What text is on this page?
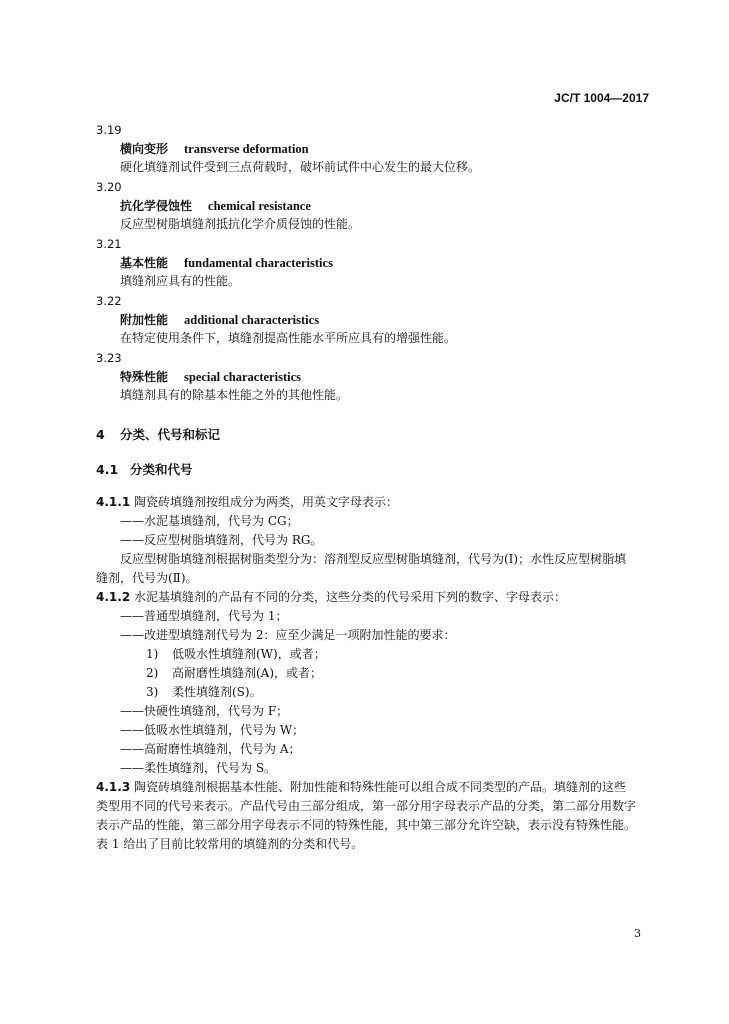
JC/T 1004—2017
3.19
横向变形 transverse deformation
硬化填缝剂试件受到三点荷载时，破坏前试件中心发生的最大位移。
3.20
抗化学侵蚀性 chemical resistance
反应型树脂填缝剂抵抗化学介质侵蚀的性能。
3.21
基本性能 fundamental characteristics
填缝剂应具有的性能。
3.22
附加性能 additional characteristics
在特定使用条件下，填缝剂提高性能水平所应具有的增强性能。
3.23
特殊性能 special characteristics
填缝剂具有的除基本性能之外的其他性能。
4 分类、代号和标记
4.1 分类和代号
4.1.1 陶瓷砖填缝剂按组成分为两类，用英文字母表示：
——水泥基填缝剂，代号为 CG；
——反应型树脂填缝剂，代号为 RG。
反应型树脂填缝剂根据树脂类型分为：溶剂型反应型树脂填缝剂，代号为(Ⅰ)；水性反应型树脂填
缝剂，代号为(Ⅱ)。
4.1.2 水泥基填缝剂的产品有不同的分类，这些分类的代号采用下列的数字、字母表示：
——普通型填缝剂，代号为 1；
——改进型填缝剂代号为 2：应至少满足一项附加性能的要求：
1) 低吸水性填缝剂(W)，或者；
2) 高耐磨性填缝剂(A)，或者；
3) 柔性填缝剂(S)。
——快硬性填缝剂，代号为 F；
——低吸水性填缝剂，代号为 W；
——高耐磨性填缝剂，代号为 A；
——柔性填缝剂，代号为 S。
4.1.3 陶瓷砖填缝剂根据基本性能、附加性能和特殊性能可以组合成不同类型的产品。填缝剂的这些
类型用不同的代号来表示。产品代号由三部分组成，第一部分用字母表示产品的分类，第二部分用数字
表示产品的性能，第三部分用字母表示不同的特殊性能，其中第三部分允许空缺，表示没有特殊性能。
表 1 给出了目前比较常用的填缝剂的分类和代号。
3
